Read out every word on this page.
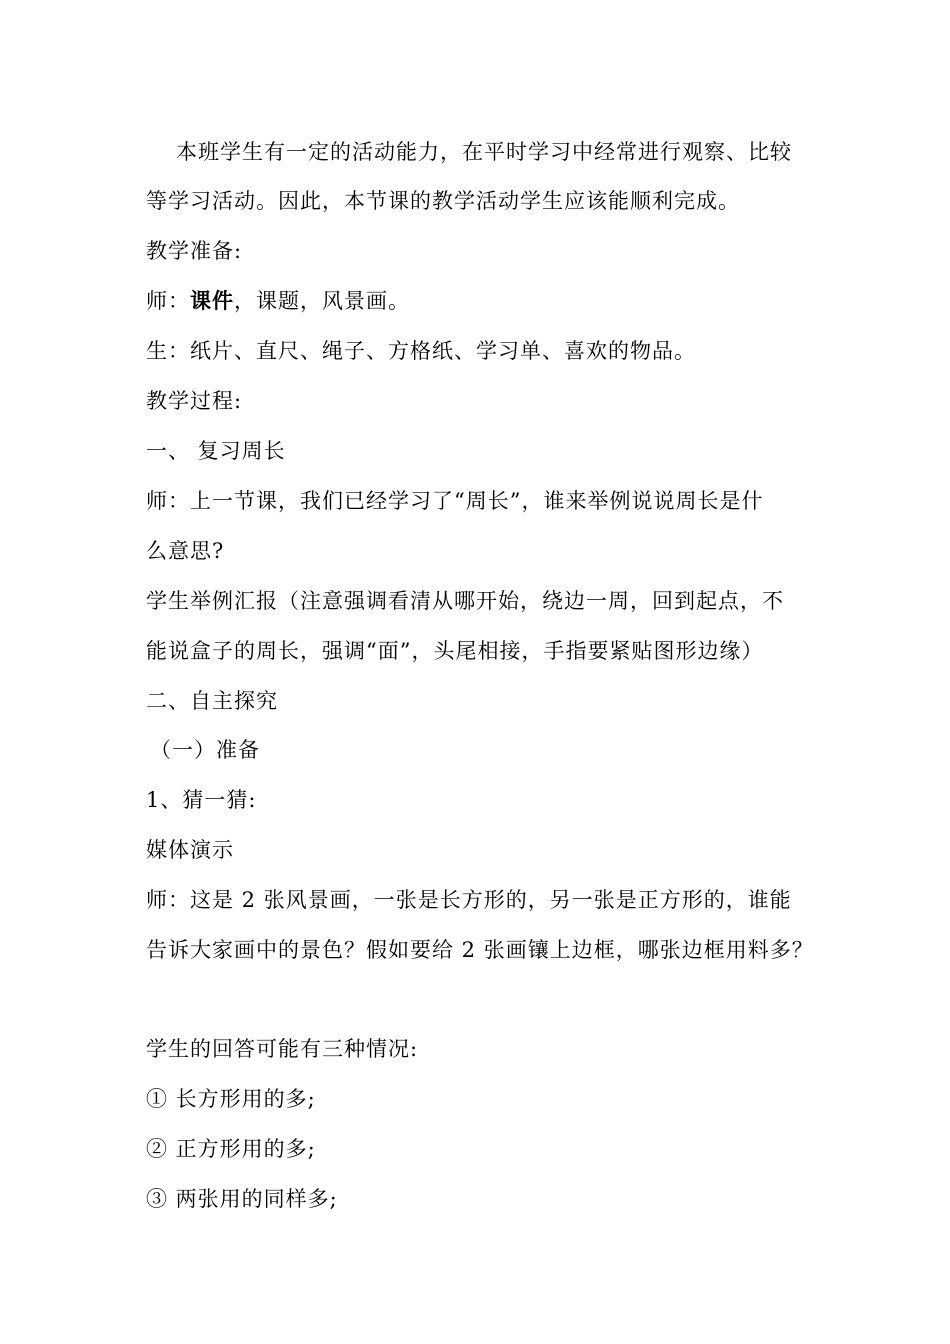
本班学生有一定的活动能力，在平时学习中经常进行观察、比较
等学习活动。因此，本节课的教学活动学生应该能顺利完成。
教学准备:
师：课件，课题，风景画。
生：纸片、直尺、绳子、方格纸、学习单、喜欢的物品。
教学过程:
一、 复习周长
师：上一节课，我们已经学习了“周长”，谁来举例说说周长是什
么意思?
学生举例汇报（注意强调看清从哪开始，绕边一周，回到起点，不
能说盒子的周长，强调“面”，头尾相接，手指要紧贴图形边缘）
二、自主探究
（一）准备
1、猜一猜:
媒体演示
师：这是 2 张风景画，一张是长方形的，另一张是正方形的，谁能
告诉大家画中的景色？假如要给 2 张画镶上边框，哪张边框用料多？
学生的回答可能有三种情况:
① 长方形用的多;
② 正方形用的多;
③ 两张用的同样多;
